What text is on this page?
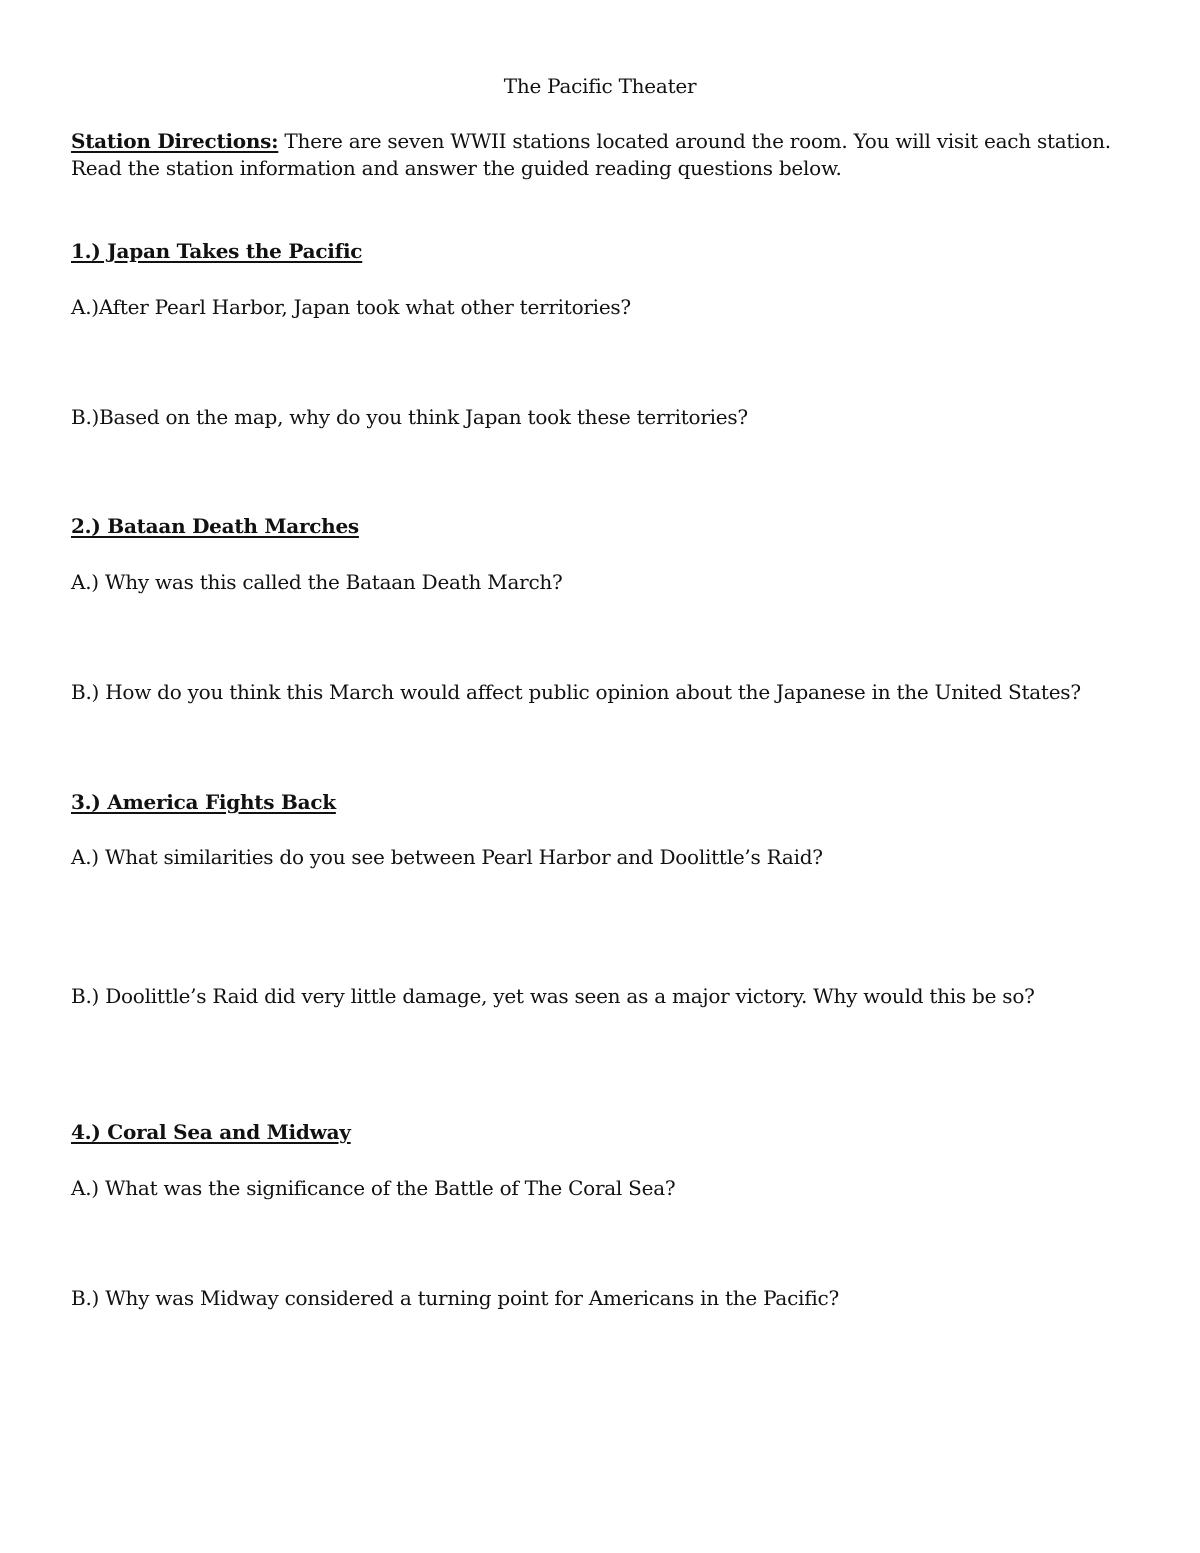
The Pacific Theater

Station Directions: There are seven WWII stations located around the room. You will visit each station.

Read the station information and answer the guided reading questions below.

1.) Japan Takes the Pacific

A.)After Pearl Harbor, Japan took what other territories?

B.)Based on the map, why do you think Japan took these territories?

2.) Bataan Death Marches

A.) Why was this called the Bataan Death March?

B.) How do you think this March would affect public opinion about the Japanese in the United States?

3.) America Fights Back

A.) What similarities do you see between Pearl Harbor and Doolittle’s Raid?

B.) Doolittle’s Raid did very little damage, yet was seen as a major victory. Why would this be so?

4.) Coral Sea and Midway

A.) What was the significance of the Battle of The Coral Sea?

B.) Why was Midway considered a turning point for Americans in the Pacific?
